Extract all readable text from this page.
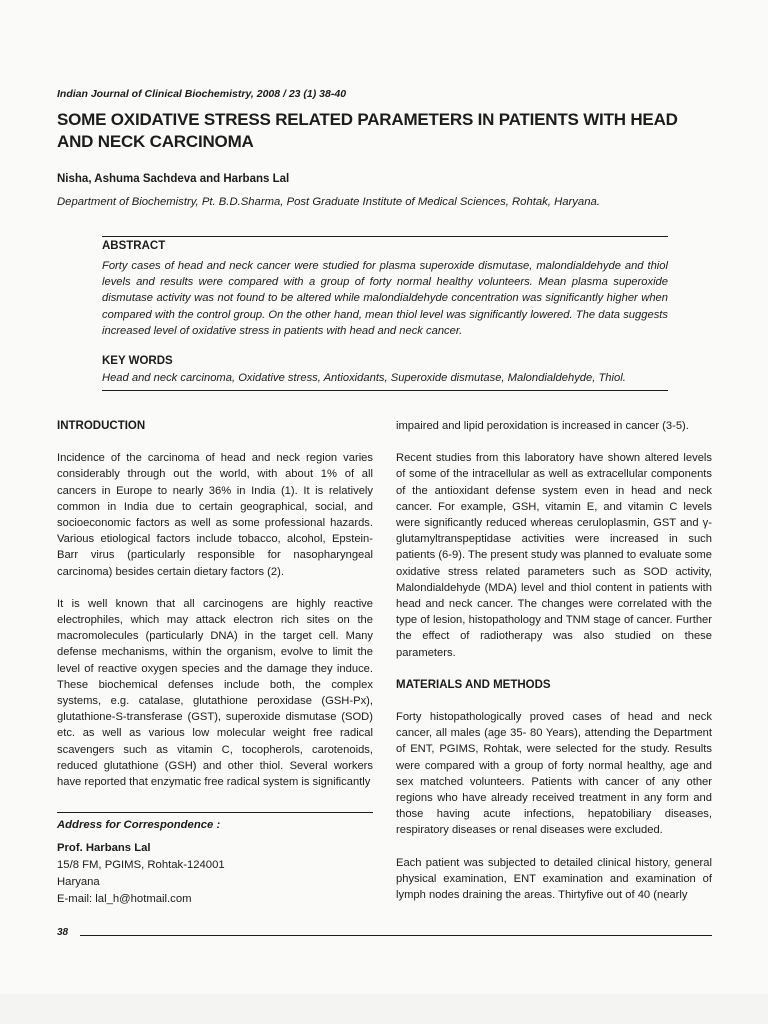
Indian Journal of Clinical Biochemistry, 2008 / 23 (1) 38-40
SOME OXIDATIVE STRESS RELATED PARAMETERS IN PATIENTS WITH HEAD AND NECK CARCINOMA
Nisha, Ashuma Sachdeva and Harbans Lal
Department of Biochemistry, Pt. B.D.Sharma, Post Graduate Institute of Medical Sciences, Rohtak, Haryana.
ABSTRACT

Forty cases of head and neck cancer were studied for plasma superoxide dismutase, malondialdehyde and thiol levels and results were compared with a group of forty normal healthy volunteers. Mean plasma superoxide dismutase activity was not found to be altered while malondialdehyde concentration was significantly higher when compared with the control group. On the other hand, mean thiol level was significantly lowered. The data suggests increased level of oxidative stress in patients with head and neck cancer.

KEY WORDS
Head and neck carcinoma, Oxidative stress, Antioxidants, Superoxide dismutase, Malondialdehyde, Thiol.
INTRODUCTION

Incidence of the carcinoma of head and neck region varies considerably through out the world, with about 1% of all cancers in Europe to nearly 36% in India (1). It is relatively common in India due to certain geographical, social, and socioeconomic factors as well as some professional hazards. Various etiological factors include tobacco, alcohol, Epstein-Barr virus (particularly responsible for nasopharyngeal carcinoma) besides certain dietary factors (2).

It is well known that all carcinogens are highly reactive electrophiles, which may attack electron rich sites on the macromolecules (particularly DNA) in the target cell. Many defense mechanisms, within the organism, evolve to limit the level of reactive oxygen species and the damage they induce. These biochemical defenses include both, the complex systems, e.g. catalase, glutathione peroxidase (GSH-Px), glutathione-S-transferase (GST), superoxide dismutase (SOD) etc. as well as various low molecular weight free radical scavengers such as vitamin C, tocopherols, carotenoids, reduced glutathione (GSH) and other thiol. Several workers have reported that enzymatic free radical system is significantly

Address for Correspondence :
Prof. Harbans Lal
15/8 FM, PGIMS, Rohtak-124001
Haryana
E-mail: lal_h@hotmail.com

impaired and lipid peroxidation is increased in cancer (3-5).

Recent studies from this laboratory have shown altered levels of some of the intracellular as well as extracellular components of the antioxidant defense system even in head and neck cancer. For example, GSH, vitamin E, and vitamin C levels were significantly reduced whereas ceruloplasmin, GST and γ-glutamyltranspeptidase activities were increased in such patients (6-9). The present study was planned to evaluate some oxidative stress related parameters such as SOD activity, Malondialdehyde (MDA) level and thiol content in patients with head and neck cancer. The changes were correlated with the type of lesion, histopathology and TNM stage of cancer. Further the effect of radiotherapy was also studied on these parameters.

MATERIALS AND METHODS

Forty histopathologically proved cases of head and neck cancer, all males (age 35- 80 Years), attending the Department of ENT, PGIMS, Rohtak, were selected for the study. Results were compared with a group of forty normal healthy, age and sex matched volunteers. Patients with cancer of any other regions who have already received treatment in any form and those having acute infections, hepatobiliary diseases, respiratory diseases or renal diseases were excluded.

Each patient was subjected to detailed clinical history, general physical examination, ENT examination and examination of lymph nodes draining the areas. Thirtyfive out of 40 (nearly

38
